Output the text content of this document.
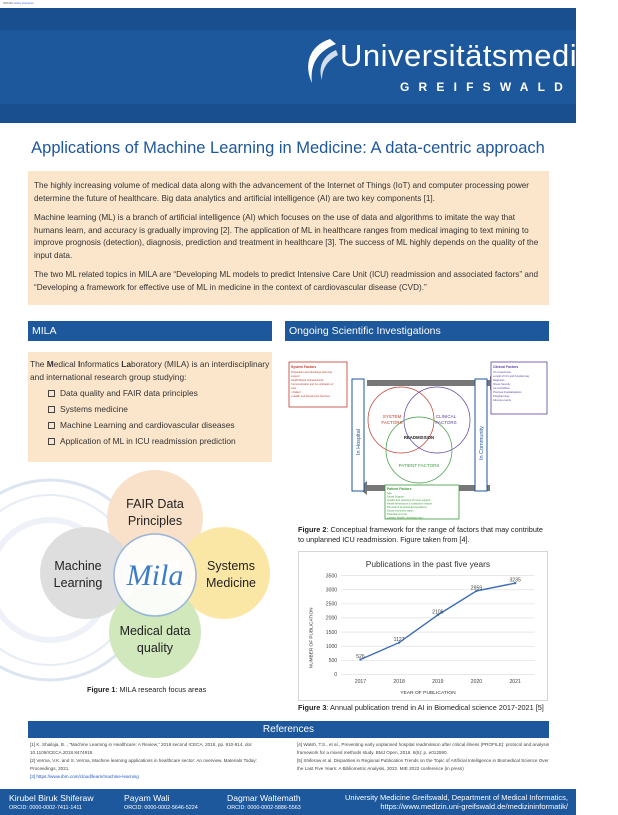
ORCID xxxxx xxxxxxxx
Universitätsmedizin
GREIFSWALD
Applications of Machine Learning in Medicine: A data-centric approach

The highly increasing volume of medical data along with the advancement of the Internet of Things (IoT) and computer processing power determine the future of healthcare. Big data analytics and artificial intelligence (AI) are two key components [1].

Machine learning (ML) is a branch of artificial intelligence (AI) which focuses on the use of data and algorithms to imitate the way that humans learn, and accuracy is gradually improving [2]. The application of ML in healthcare ranges from medical imaging to text mining to improve prognosis (detection), diagnosis, prediction and treatment in healthcare [3]. The success of ML highly depends on the quality of the input data.

The two ML related topics in MILA are “Developing ML models to predict Intensive Care Unit (ICU) readmission and associated factors” and “Developing a framework for effective use of ML in medicine in the context of cardiovascular disease (CVD).”

MILA
The Medical Informatics Laboratory (MILA) is an interdisciplinary and international research group studying:
Data quality and FAIR data principles
Systems medicine
Machine Learning and cardiovascular diseases
Application of ML in ICU readmission prediction
FAIR Data
Principles
Machine
Learning
Systems
Medicine
Medical data
quality
Mila
Figure 1: MILA research focus areas
Ongoing Scientific Investigations
In Hospital	In Community
System Factors
Preparation and discharge planning
support
Health Board characteristics
Communication and Co-ordination of
care
• Patient
• Health and Social Care Services
Clinical Factors
ICU experience
Length of ICU and hospital stay
Diagnosis
Illness Severity
Co-morbidities
Previous hospitalisations
Polypharmacy
Adverse events
SYSTEM
FACTORS
CLINICAL
FACTORS
READMISSION
PATIENT FACTORS
Patient Factors
Age
Social Support
Quality and passions of cover support
Health behaviours & substance misuse
Physical & psychological problems
Social economic status
Disturbance level
Literacy (health, numeracy etc.)
Figure 2: Conceptual framework for the range of factors that may contribute to unplanned ICU readmission. Figure taken from [4].
Publications in the past five years
NUMBER OF PUBLICATION
YEAR OF PUBLICATION
0
500
1000
1500
2000
2500
3000
3500
2017	2018	2019	2020	2021
526
1127
2106
2959
3235
Figure 3: Annual publication trend in AI in Biomedical science 2017-2021 [5]
References
[1] K. Shailaja, B. , "Machine Learning in Healthcare: A Review," 2018 second ICECA, 2018, pp. 910-914, doi: 10.1109/ICECA.2018.8474918.
[2] Verma, V.K. and S. Verma, Machine learning applications in healthcare sector: An overview. Materials Today: Proceedings, 2021.
[3] https://www.ibm.com/cloud/learn/machine-learning
[4] Walsh, T.S., et al., Preventing early unplanned hospital readmission after critical illness (PROFILE): protocol and analysis framework for a mixed methods study. BMJ Open, 2016. 6(6): p. e012590.
[5] Shiferaw et al. Disparities in Regional Publication Trends on the Topic of Artificial Intelligence in Biomedical Science Over the Last Five Years: A Bibliometric Analysis, 2022. MIE 2022 conference (in press)
Kirubel Biruk Shiferaw
ORCID: 0000-0002-7411-1411
Payam Wali
ORCID: 0000-0002-5646-5224
Dagmar Waltemath
ORCID: 0000-0002-5886-5563
University Medicine Greifswald, Department of Medical Informatics,
https://www.medizin.uni-greifswald.de/medizininformatik/
